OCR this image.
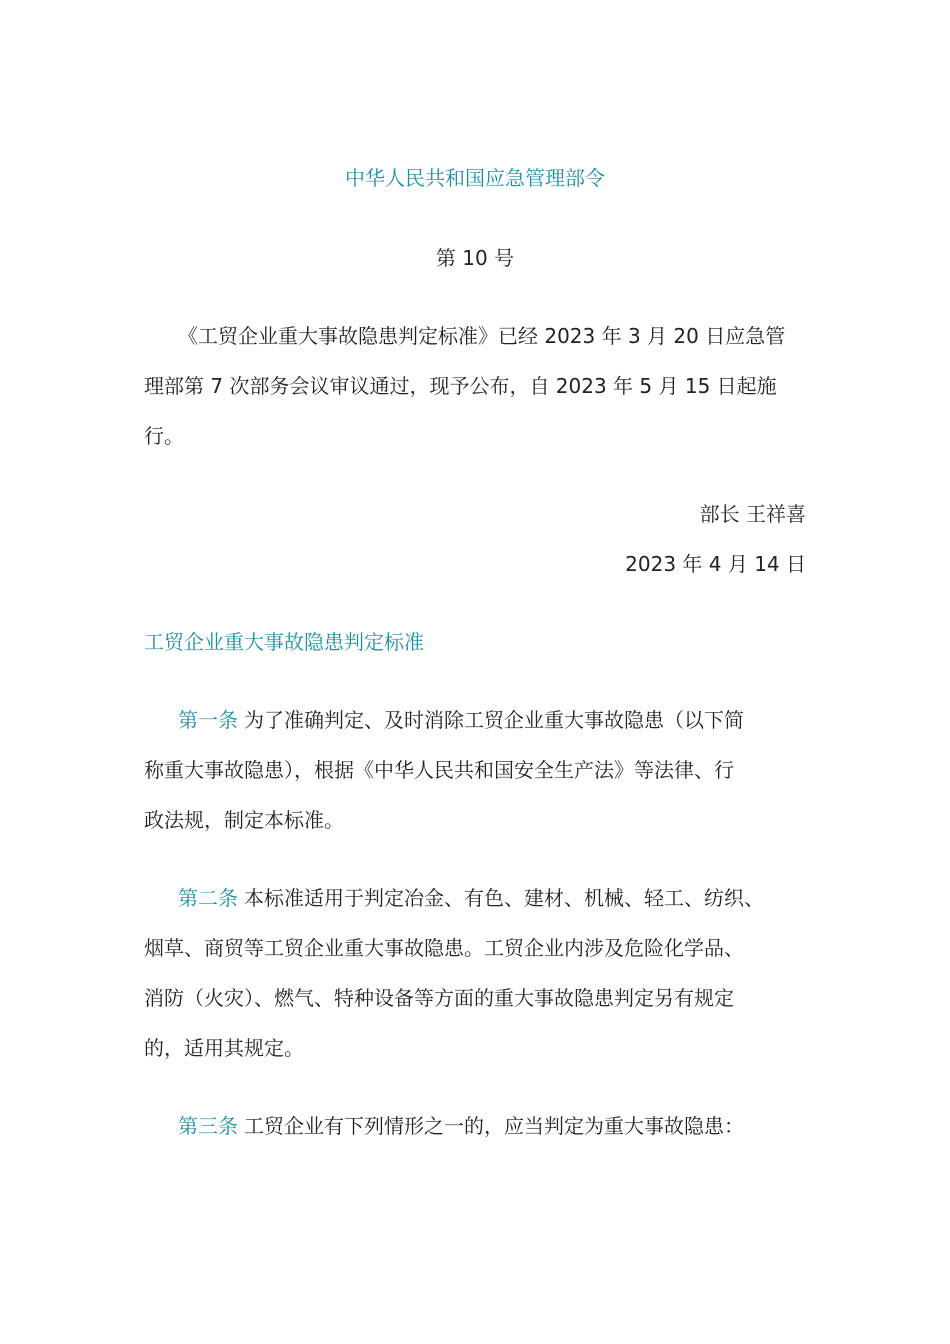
中华人民共和国应急管理部令
第 10 号
《工贸企业重大事故隐患判定标准》已经 2023 年 3 月 20 日应急管
理部第 7 次部务会议审议通过，现予公布，自 2023 年 5 月 15 日起施
行。
部长 王祥喜
2023 年 4 月 14 日
工贸企业重大事故隐患判定标准
第一条 为了准确判定、及时消除工贸企业重大事故隐患（以下简
称重大事故隐患），根据《中华人民共和国安全生产法》等法律、行
政法规，制定本标准。
第二条 本标准适用于判定冶金、有色、建材、机械、轻工、纺织、
烟草、商贸等工贸企业重大事故隐患。工贸企业内涉及危险化学品、
消防（火灾）、燃气、特种设备等方面的重大事故隐患判定另有规定
的，适用其规定。
第三条 工贸企业有下列情形之一的，应当判定为重大事故隐患：
